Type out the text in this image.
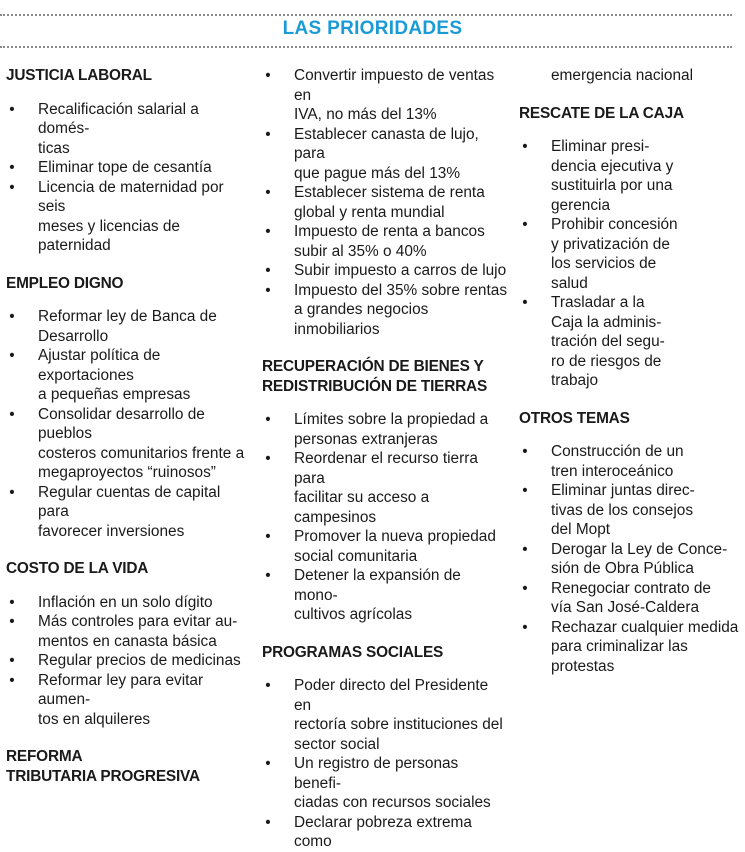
LAS PRIORIDADES
JUSTICIA LABORAL
• Recalificación salarial a domés-
ticas
• Eliminar tope de cesantía
• Licencia de maternidad por seis
meses y licencias de paternidad
EMPLEO DIGNO
• Reformar ley de Banca de
Desarrollo
• Ajustar política de exportaciones
a pequeñas empresas
• Consolidar desarrollo de pueblos
costeros comunitarios frente a
megaproyectos “ruinosos”
• Regular cuentas de capital para
favorecer inversiones
COSTO DE LA VIDA
• Inflación en un solo dígito
• Más controles para evitar au-
mentos en canasta básica
• Regular precios de medicinas
• Reformar ley para evitar aumen-
tos en alquileres
REFORMA
TRIBUTARIA PROGRESIVA
• Convertir impuesto de ventas en
IVA, no más del 13%
• Establecer canasta de lujo, para
que pague más del 13%
• Establecer sistema de renta
global y renta mundial
• Impuesto de renta a bancos
subir al 35% o 40%
• Subir impuesto a carros de lujo
• Impuesto del 35% sobre rentas
a grandes negocios inmobiliarios
RECUPERACIÓN DE BIENES Y
REDISTRIBUCIÓN DE TIERRAS
• Límites sobre la propiedad a
personas extranjeras
• Reordenar el recurso tierra para
facilitar su acceso a campesinos
• Promover la nueva propiedad
social comunitaria
• Detener la expansión de mono-
cultivos agrícolas
PROGRAMAS SOCIALES
• Poder directo del Presidente en
rectoría sobre instituciones del
sector social
• Un registro de personas benefi-
ciadas con recursos sociales
• Declarar pobreza extrema como
emergencia nacional
RESCATE DE LA CAJA
• Eliminar presi-
dencia ejecutiva y
sustituirla por una
gerencia
• Prohibir concesión
y privatización de
los servicios de
salud
• Trasladar a la
Caja la adminis-
tración del segu-
ro de riesgos de
trabajo
OTROS TEMAS
• Construcción de un
tren interoceánico
• Eliminar juntas direc-
tivas de los consejos
del Mopt
• Derogar la Ley de Conce-
sión de Obra Pública
• Renegociar contrato de
vía San José-Caldera
• Rechazar cualquier medida
para criminalizar las protestas
